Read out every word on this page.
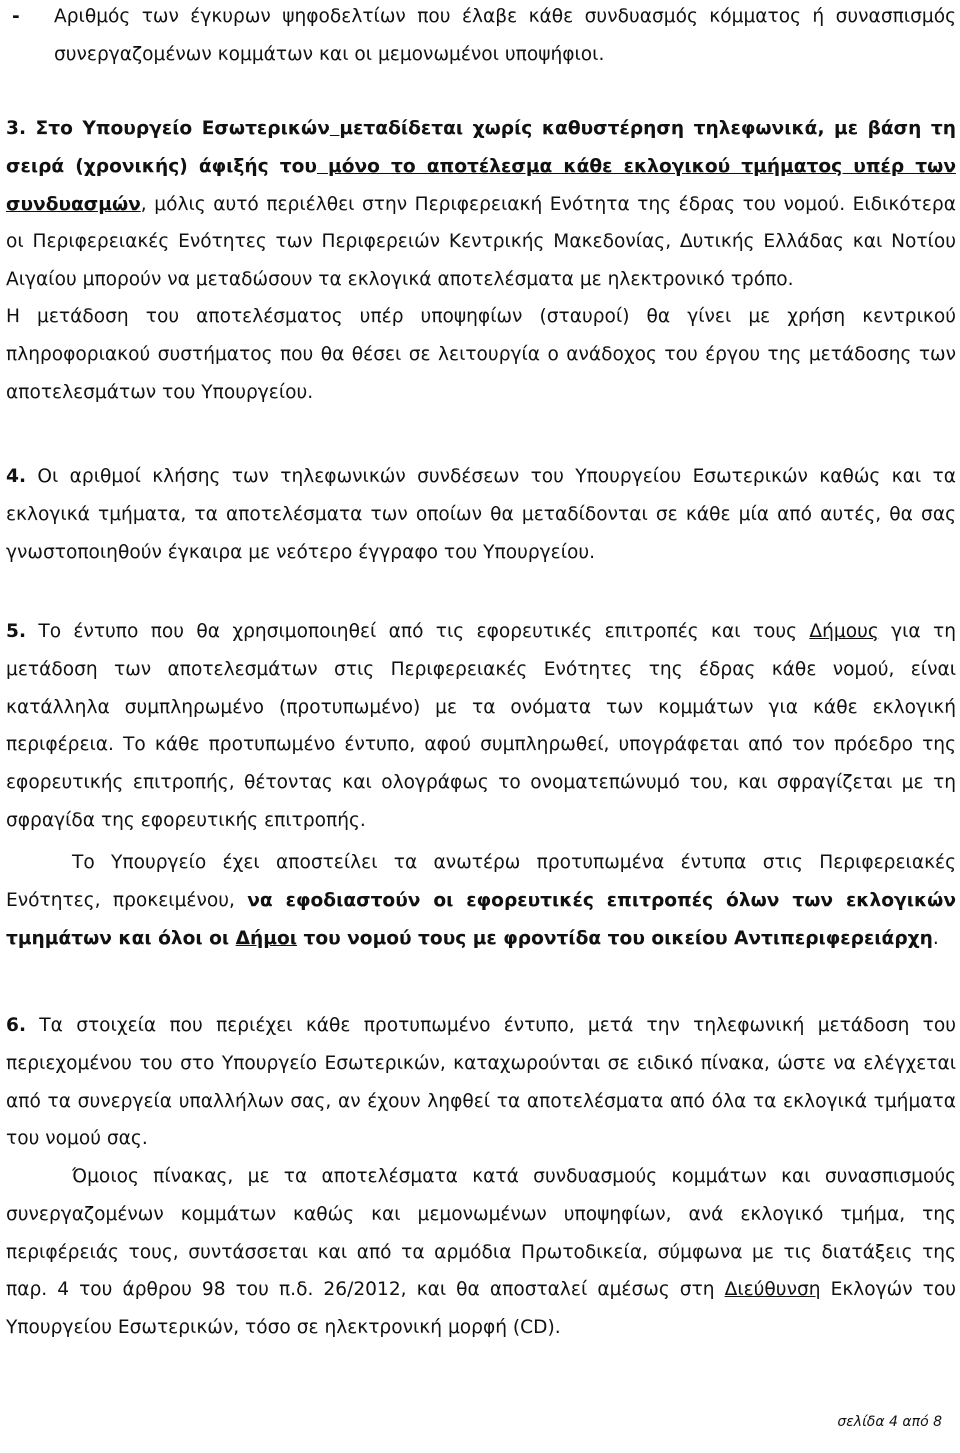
- Αριθμός των έγκυρων ψηφοδελτίων που έλαβε κάθε συνδυασμός κόμματος ή συνασπισμός συνεργαζομένων κομμάτων και οι μεμονωμένοι υποψήφιοι.

3. Στο Υπουργείο Εσωτερικών μεταδίδεται χωρίς καθυστέρηση τηλεφωνικά, με βάση τη σειρά (χρονικής) άφιξής του μόνο το αποτέλεσμα κάθε εκλογικού τμήματος υπέρ των συνδυασμών, μόλις αυτό περιέλθει στην Περιφερειακή Ενότητα της έδρας του νομού. Ειδικότερα οι Περιφερειακές Ενότητες των Περιφερειών Κεντρικής Μακεδονίας, Δυτικής Ελλάδας και Νοτίου Αιγαίου μπορούν να μεταδώσουν τα εκλογικά αποτελέσματα με ηλεκτρονικό τρόπο.

Η μετάδοση του αποτελέσματος υπέρ υποψηφίων (σταυροί) θα γίνει με χρήση κεντρικού πληροφοριακού συστήματος που θα θέσει σε λειτουργία ο ανάδοχος του έργου της μετάδοσης των αποτελεσμάτων του Υπουργείου.

4. Οι αριθμοί κλήσης των τηλεφωνικών συνδέσεων του Υπουργείου Εσωτερικών καθώς και τα εκλογικά τμήματα, τα αποτελέσματα των οποίων θα μεταδίδονται σε κάθε μία από αυτές, θα σας γνωστοποιηθούν έγκαιρα με νεότερο έγγραφο του Υπουργείου.

5. Το έντυπο που θα χρησιμοποιηθεί από τις εφορευτικές επιτροπές και τους Δήμους για τη μετάδοση των αποτελεσμάτων στις Περιφερειακές Ενότητες της έδρας κάθε νομού, είναι κατάλληλα συμπληρωμένο (προτυπωμένο) με τα ονόματα των κομμάτων για κάθε εκλογική περιφέρεια. Το κάθε προτυπωμένο έντυπο, αφού συμπληρωθεί, υπογράφεται από τον πρόεδρο της εφορευτικής επιτροπής, θέτοντας και ολογράφως το ονοματεπώνυμό του, και σφραγίζεται με τη σφραγίδα της εφορευτικής επιτροπής.

Το Υπουργείο έχει αποστείλει τα ανωτέρω προτυπωμένα έντυπα στις Περιφερειακές Ενότητες, προκειμένου, να εφοδιαστούν οι εφορευτικές επιτροπές όλων των εκλογικών τμημάτων και όλοι οι Δήμοι του νομού τους με φροντίδα του οικείου Αντιπεριφερειάρχη.

6. Τα στοιχεία που περιέχει κάθε προτυπωμένο έντυπο, μετά την τηλεφωνική μετάδοση του περιεχομένου του στο Υπουργείο Εσωτερικών, καταχωρούνται σε ειδικό πίνακα, ώστε να ελέγχεται από τα συνεργεία υπαλλήλων σας, αν έχουν ληφθεί τα αποτελέσματα από όλα τα εκλογικά τμήματα του νομού σας.

Όμοιος πίνακας, με τα αποτελέσματα κατά συνδυασμούς κομμάτων και συνασπισμούς συνεργαζομένων κομμάτων καθώς και μεμονωμένων υποψηφίων, ανά εκλογικό τμήμα, της περιφέρειάς τους, συντάσσεται και από τα αρμόδια Πρωτοδικεία, σύμφωνα με τις διατάξεις της παρ. 4 του άρθρου 98 του π.δ. 26/2012, και θα αποσταλεί αμέσως στη Διεύθυνση Εκλογών του Υπουργείου Εσωτερικών, τόσο σε ηλεκτρονική μορφή (CD).

σελίδα 4 από 8
